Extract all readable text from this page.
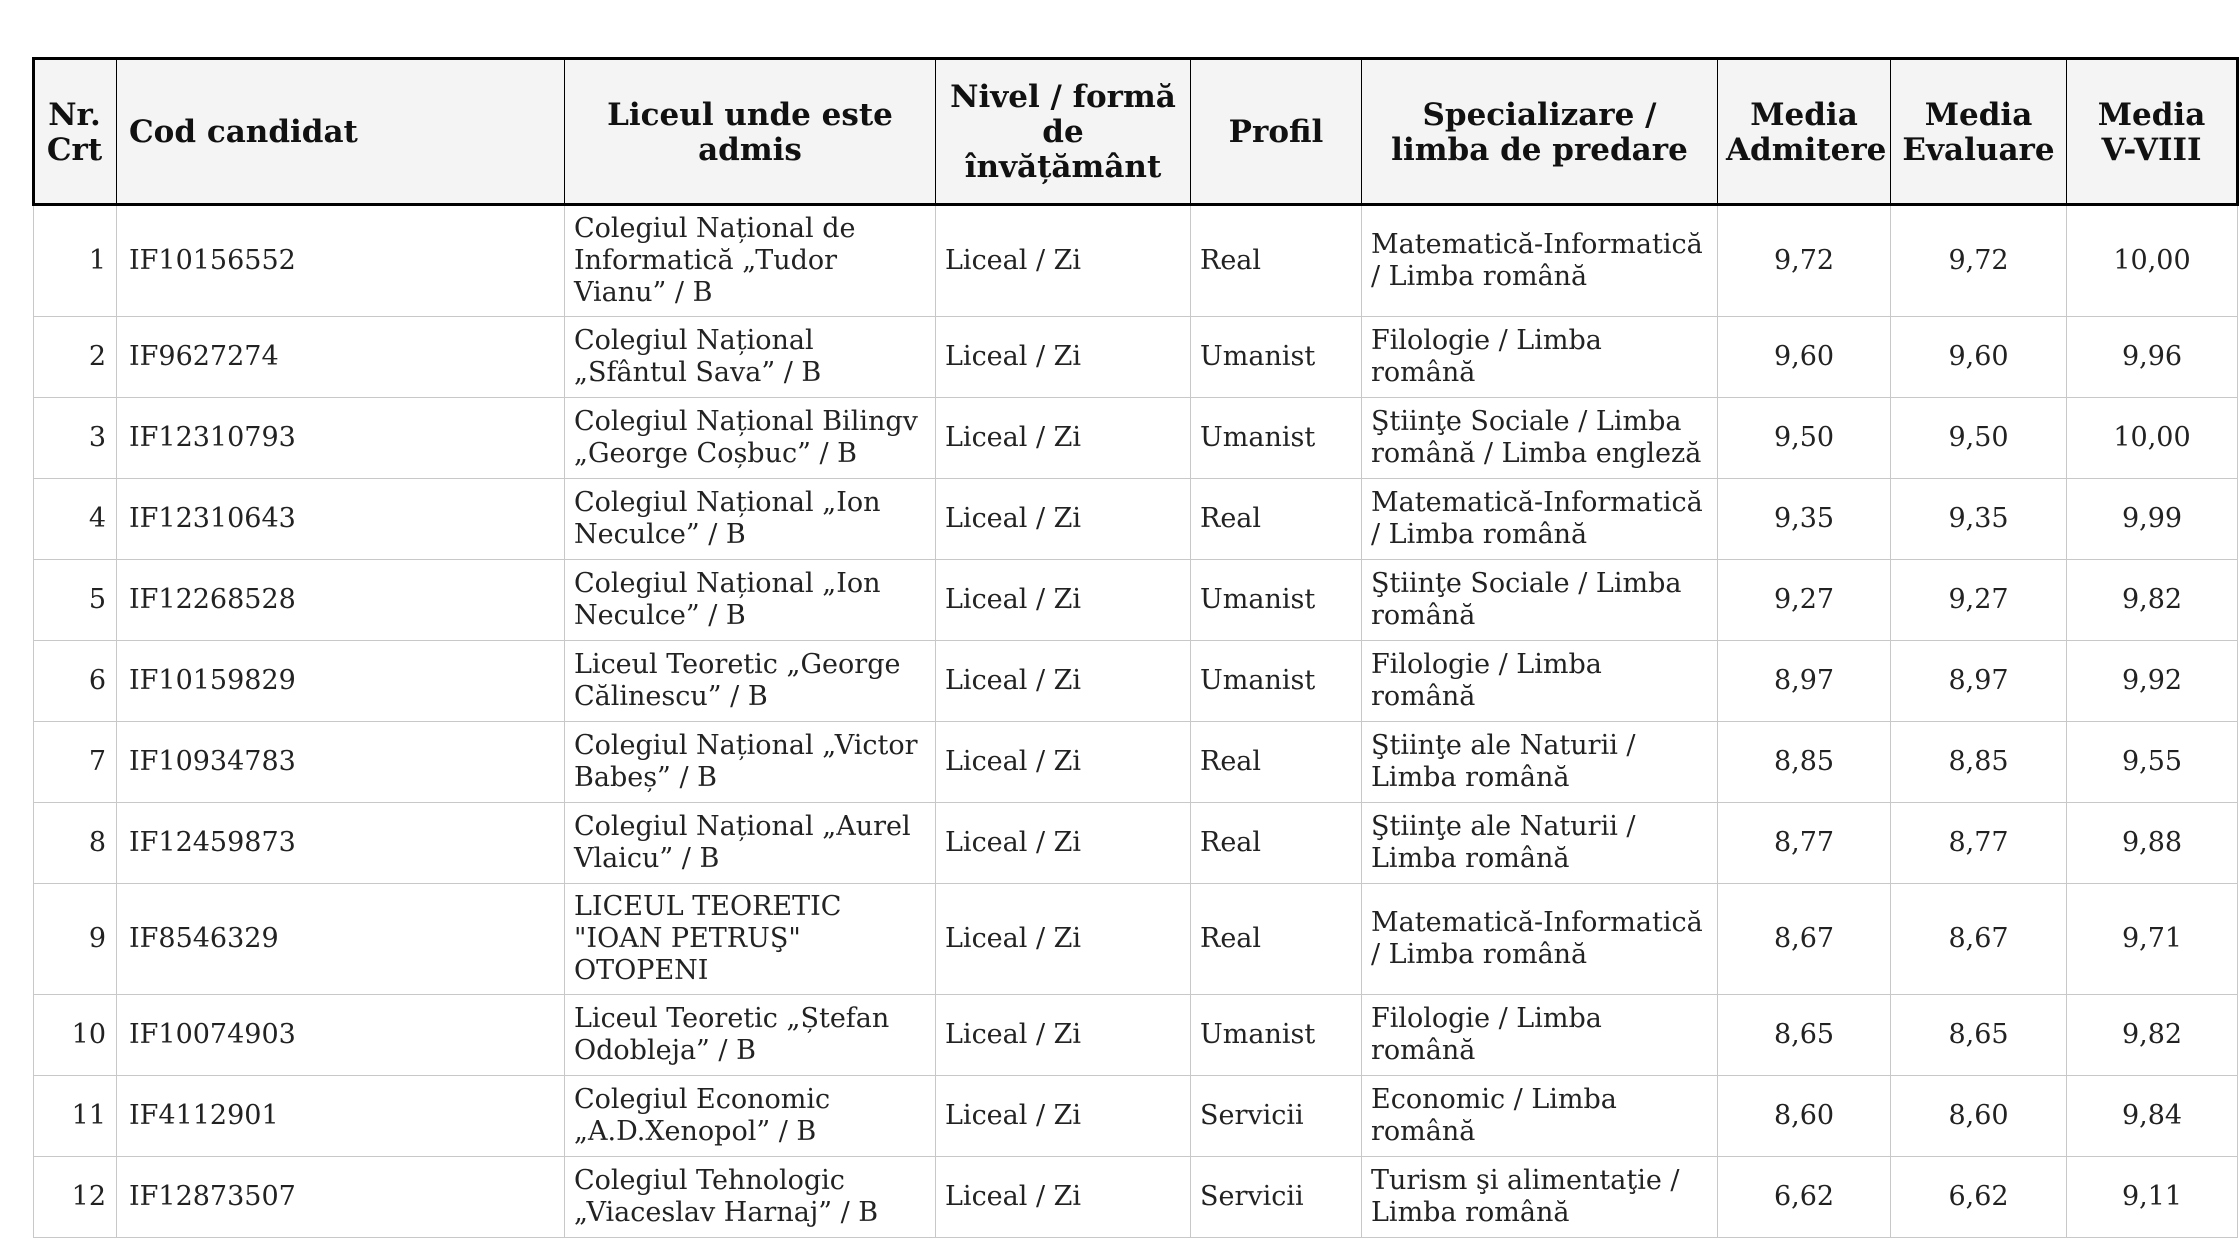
Nr. Crt	Cod candidat	Liceul unde este admis	Nivel / formă de învățământ	Profil	Specializare / limba de predare	Media Admitere	Media Evaluare	Media V-VIII
1	IF10156552	Colegiul Național de Informatică „Tudor Vianu” / B	Liceal / Zi	Real	Matematică-Informatică / Limba română	9,72	9,72	10,00
2	IF9627274	Colegiul Național „Sfântul Sava” / B	Liceal / Zi	Umanist	Filologie / Limba română	9,60	9,60	9,96
3	IF12310793	Colegiul Național Bilingv „George Coșbuc” / B	Liceal / Zi	Umanist	Ştiinţe Sociale / Limba română / Limba engleză	9,50	9,50	10,00
4	IF12310643	Colegiul Național „Ion Neculce” / B	Liceal / Zi	Real	Matematică-Informatică / Limba română	9,35	9,35	9,99
5	IF12268528	Colegiul Național „Ion Neculce” / B	Liceal / Zi	Umanist	Ştiinţe Sociale / Limba română	9,27	9,27	9,82
6	IF10159829	Liceul Teoretic „George Călinescu” / B	Liceal / Zi	Umanist	Filologie / Limba română	8,97	8,97	9,92
7	IF10934783	Colegiul Național „Victor Babeș” / B	Liceal / Zi	Real	Ştiinţe ale Naturii / Limba română	8,85	8,85	9,55
8	IF12459873	Colegiul Național „Aurel Vlaicu” / B	Liceal / Zi	Real	Ştiinţe ale Naturii / Limba română	8,77	8,77	9,88
9	IF8546329	LICEUL TEORETIC "IOAN PETRUŞ" OTOPENI	Liceal / Zi	Real	Matematică-Informatică / Limba română	8,67	8,67	9,71
10	IF10074903	Liceul Teoretic „Ștefan Odobleja” / B	Liceal / Zi	Umanist	Filologie / Limba română	8,65	8,65	9,82
11	IF4112901	Colegiul Economic „A.D.Xenopol” / B	Liceal / Zi	Servicii	Economic / Limba română	8,60	8,60	9,84
12	IF12873507	Colegiul Tehnologic „Viaceslav Harnaj” / B	Liceal / Zi	Servicii	Turism şi alimentaţie / Limba română	6,62	6,62	9,11
